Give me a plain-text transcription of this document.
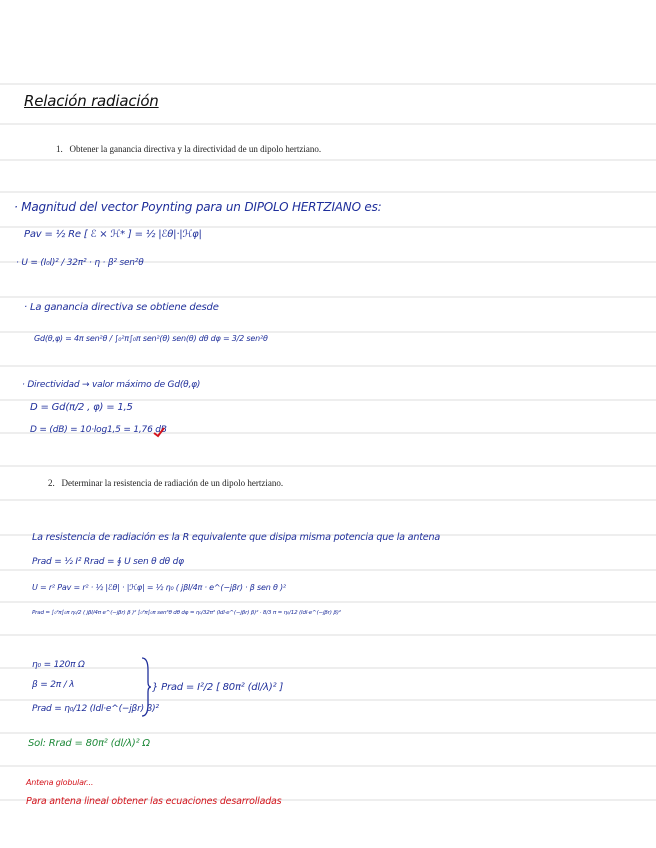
Relación radiación
1. Obtener la ganancia directiva y la directividad de un dipolo hertziano.
· Magnitud del vector Poynting para un DIPOLO HERTZIANO es:
Pav = ½ Re [ ℰ × ℋ* ] = ½ |ℰθ|·|ℋφ|
· U = (I₀l)² / 32π² · η · β² sen²θ
· La ganancia directiva se obtiene desde
Gd(θ,φ) = 4π sen²θ / ∫₀²π∫₀π sen²(θ) sen(θ) dθ dφ = 3/2 sen²θ
· Directividad → valor máximo de Gd(θ,φ)
D = Gd(π/2 , φ) = 1,5
D = (dB) = 10·log1,5 = 1,76 dB
2. Determinar la resistencia de radiación de un dipolo hertziano.
La resistencia de radiación es la R equivalente que disipa misma potencia que la antena
Prad = ½ I² Rrad = ∮ U sen θ dθ dφ
U = r² Pav = r² · ½ |ℰθ| · |ℋφ| = ½ η₀ ( jβI/4π · e^(−jβr) · β sen θ )²
Prad = ∫₀²π∫₀π η₀/2 ( jβI/4π e^(−jβr) β )² ∫₀²π∫₀π sen³θ dθ dφ = η₀/32π² (Idl·e^(−jβr) β)² · 8/3 π = η₀/12 (Idl·e^(−jβr) β)²
η₀ = 120π Ω
β = 2π / λ
Prad = η₀/12 (Idl·e^(−jβr) β)²
} Prad = I²/2 [ 80π² (dl/λ)² ]
Sol: Rrad = 80π² (dl/λ)² Ω
Antena globular...
Para antena lineal obtener las ecuaciones desarrolladas
